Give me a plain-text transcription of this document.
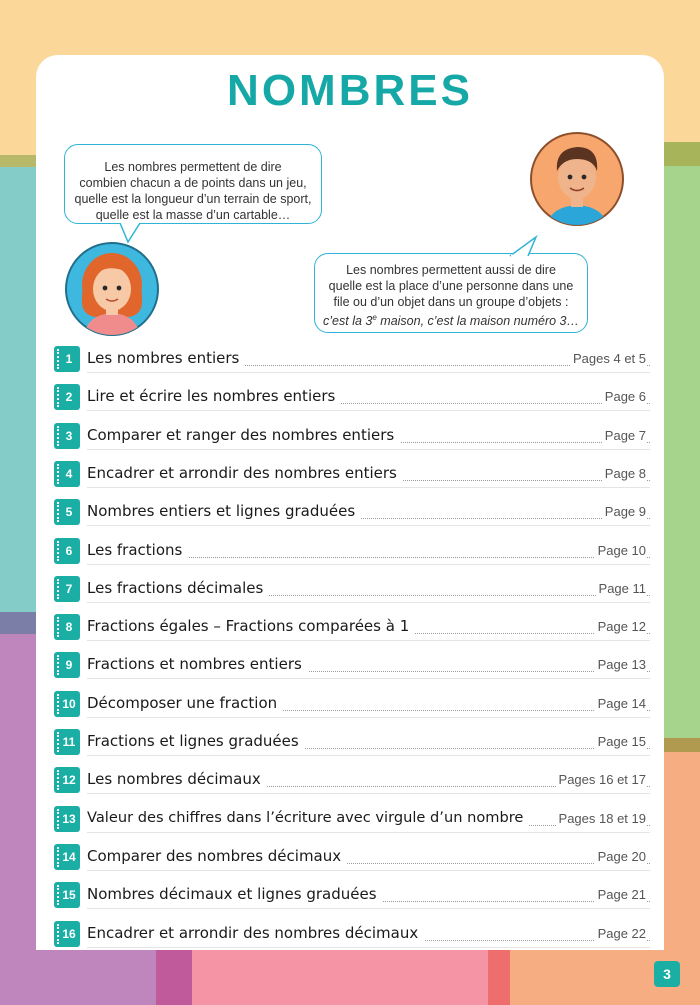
NOMBRES
Les nombres permettent de dire
combien chacun a de points dans un jeu,
quelle est la longueur d’un terrain de sport,
quelle est la masse d’un cartable…
Les nombres permettent aussi de dire
quelle est la place d’une personne dans une
file ou d’un objet dans un groupe d’objets :
c’est la 3e maison, c’est la maison numéro 3…
1 Les nombres entiers	Pages 4 et 5
2 Lire et écrire les nombres entiers	Page 6
3 Comparer et ranger des nombres entiers	Page 7
4 Encadrer et arrondir des nombres entiers	Page 8
5 Nombres entiers et lignes graduées	Page 9
6 Les fractions	Page 10
7 Les fractions décimales	Page 11
8 Fractions égales – Fractions comparées à 1	Page 12
9 Fractions et nombres entiers	Page 13
10 Décomposer une fraction	Page 14
11 Fractions et lignes graduées	Page 15
12 Les nombres décimaux	Pages 16 et 17
13 Valeur des chiffres dans l’écriture avec virgule d’un nombre	Pages 18 et 19
14 Comparer des nombres décimaux	Page 20
15 Nombres décimaux et lignes graduées	Page 21
16 Encadrer et arrondir des nombres décimaux	Page 22
3
